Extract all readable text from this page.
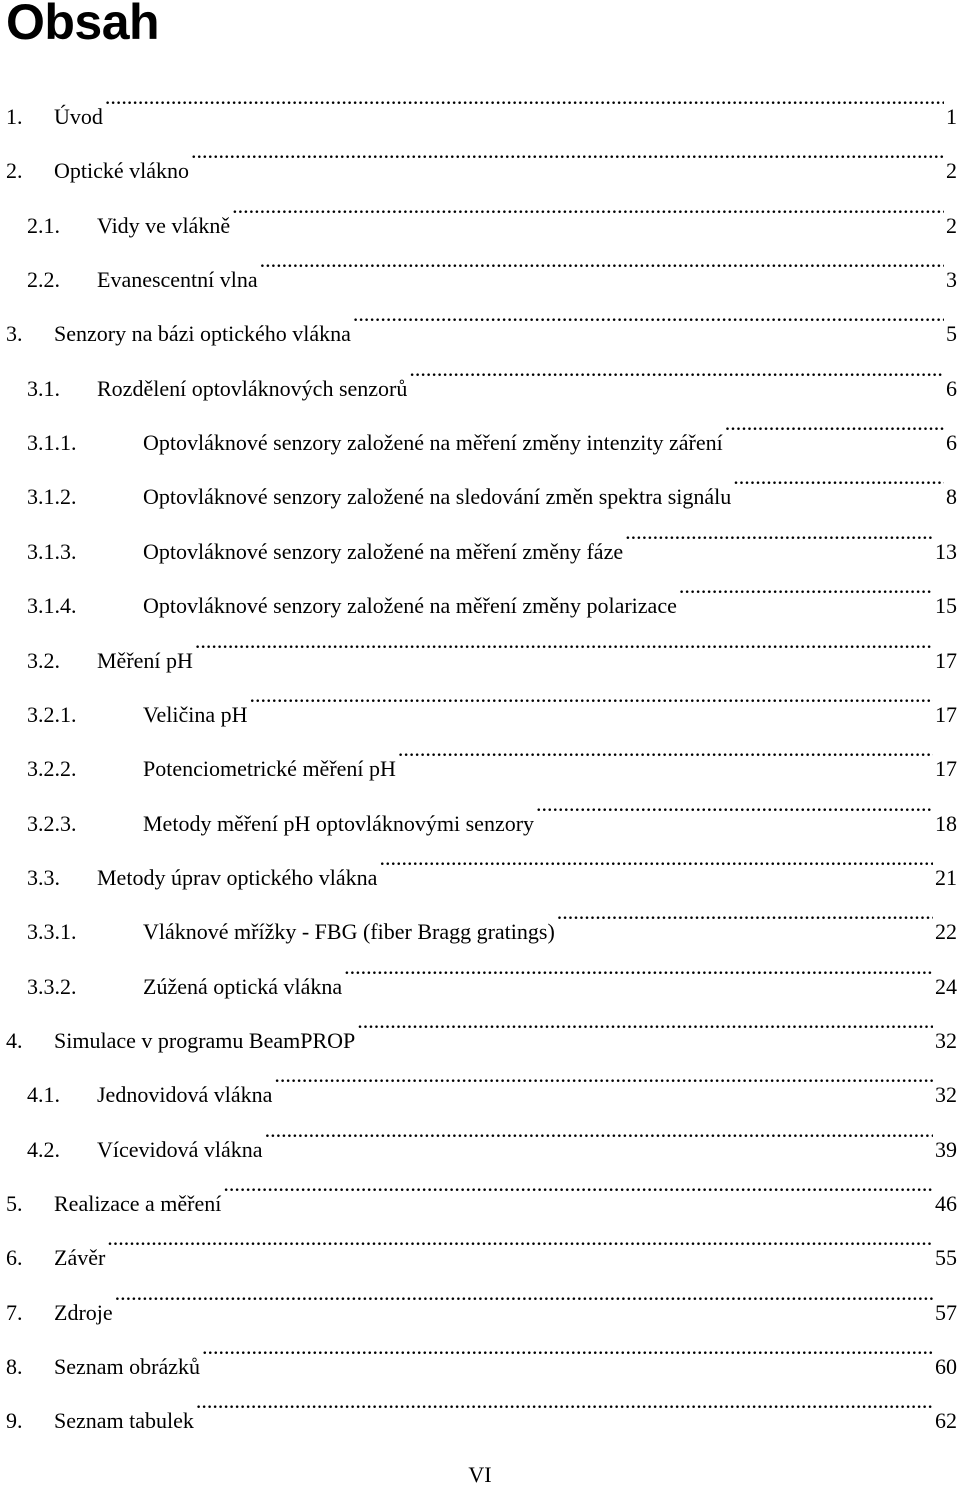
Obsah
1.	Úvod .....	1
2.	Optické vlákno .....	2
2.1.	Vidy ve vlákně .....	2
2.2.	Evanescentní vlna .....	3
3.	Senzory na bázi optického vlákna .....	5
3.1.	Rozdělení optovláknových senzorů .....	6
3.1.1.	Optovláknové senzory založené na měření změny intenzity záření .....	6
3.1.2.	Optovláknové senzory založené na sledování změn spektra signálu .....	8
3.1.3.	Optovláknové senzory založené na měření změny fáze .....	13
3.1.4.	Optovláknové senzory založené na měření změny polarizace .....	15
3.2.	Měření pH .....	17
3.2.1.	Veličina pH .....	17
3.2.2.	Potenciometrické měření pH .....	17
3.2.3.	Metody měření pH optovláknovými senzory .....	18
3.3.	Metody úprav optického vlákna .....	21
3.3.1.	Vláknové mřížky - FBG (fiber Bragg gratings) .....	22
3.3.2.	Zúžená optická vlákna .....	24
4.	Simulace v programu BeamPROP .....	32
4.1.	Jednovidová vlákna .....	32
4.2.	Vícevidová vlákna .....	39
5.	Realizace a měření .....	46
6.	Závěr .....	55
7.	Zdroje .....	57
8.	Seznam obrázků .....	60
9.	Seznam tabulek .....	62
VI
